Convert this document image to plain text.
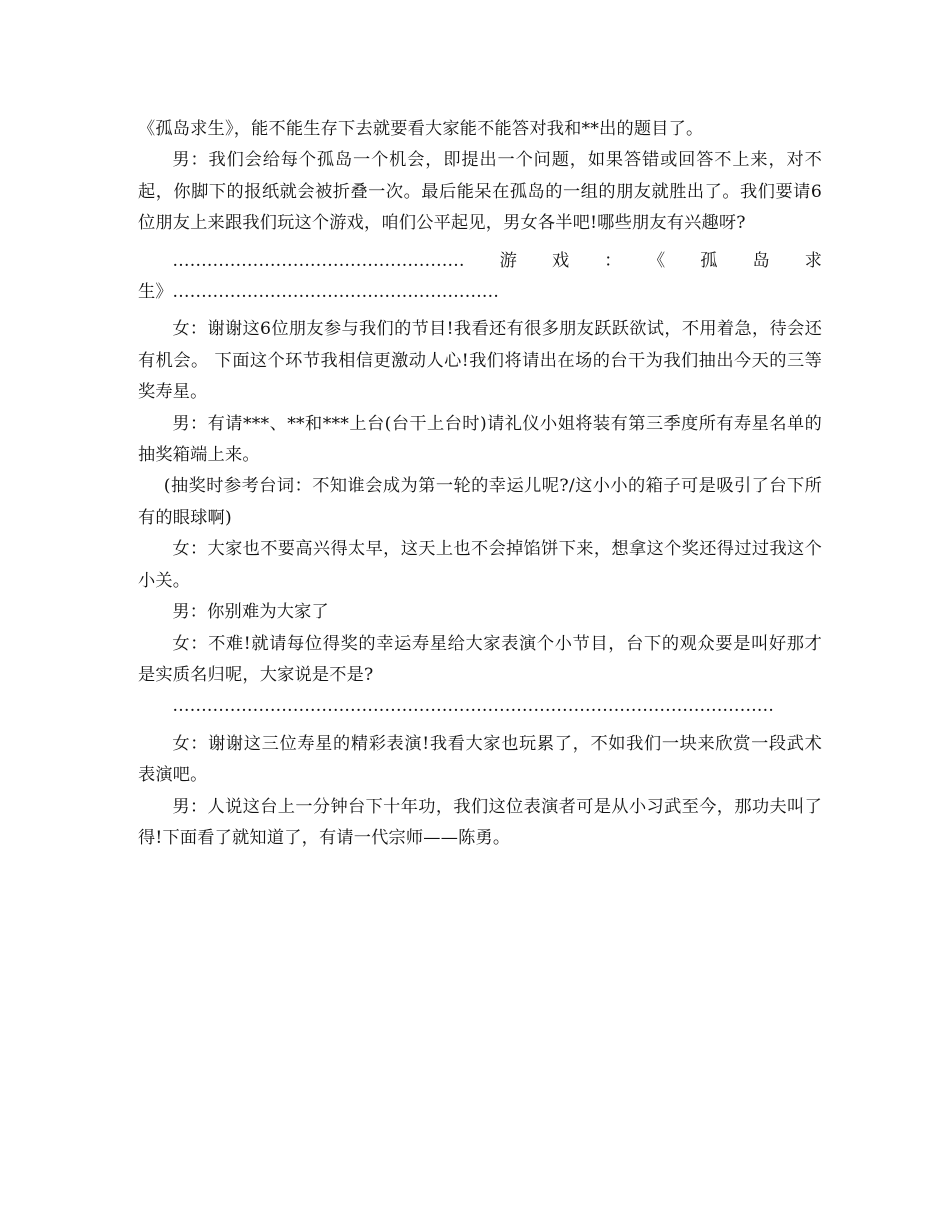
《孤岛求生》，能不能生存下去就要看大家能不能答对我和**出的题目了。

男：我们会给每个孤岛一个机会，即提出一个问题，如果答错或回答不上来，对不起，你脚下的报纸就会被折叠一次。最后能呆在孤岛的一组的朋友就胜出了。我们要请6位朋友上来跟我们玩这个游戏，咱们公平起见，男女各半吧!哪些朋友有兴趣呀?

……………………………………………游戏：《孤岛求生》…………………………………………………

女：谢谢这6位朋友参与我们的节目!我看还有很多朋友跃跃欲试，不用着急，待会还有机会。 下面这个环节我相信更激动人心!我们将请出在场的台干为我们抽出今天的三等奖寿星。

男：有请***、**和***上台(台干上台时)请礼仪小姐将装有第三季度所有寿星名单的抽奖箱端上来。

(抽奖时参考台词：不知谁会成为第一轮的幸运儿呢?/这小小的箱子可是吸引了台下所有的眼球啊)

女：大家也不要高兴得太早，这天上也不会掉馅饼下来，想拿这个奖还得过过我这个小关。

男：你别难为大家了

女：不难!就请每位得奖的幸运寿星给大家表演个小节目，台下的观众要是叫好那才是实质名归呢，大家说是不是?

……………………………………………………………………………………………

女：谢谢这三位寿星的精彩表演!我看大家也玩累了，不如我们一块来欣赏一段武术表演吧。

男：人说这台上一分钟台下十年功，我们这位表演者可是从小习武至今，那功夫叫了得!下面看了就知道了，有请一代宗师——陈勇。
